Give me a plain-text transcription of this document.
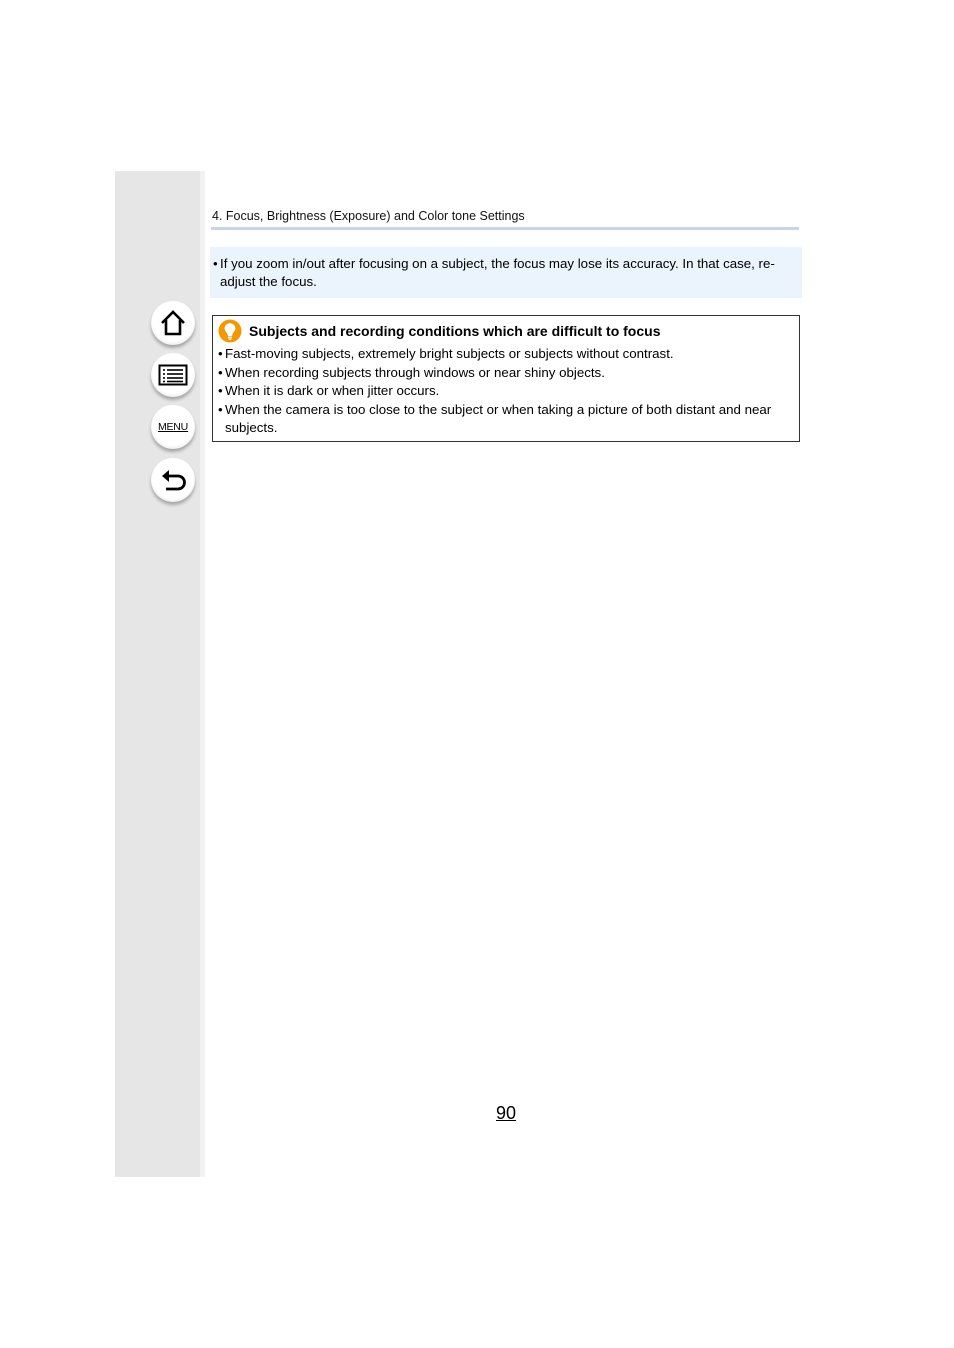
MENU
4. Focus, Brightness (Exposure) and Color tone Settings
• If you zoom in/out after focusing on a subject, the focus may lose its accuracy. In that case, re-adjust the focus.
Subjects and recording conditions which are difficult to focus
• Fast-moving subjects, extremely bright subjects or subjects without contrast.
• When recording subjects through windows or near shiny objects.
• When it is dark or when jitter occurs.
• When the camera is too close to the subject or when taking a picture of both distant and near subjects.
90
